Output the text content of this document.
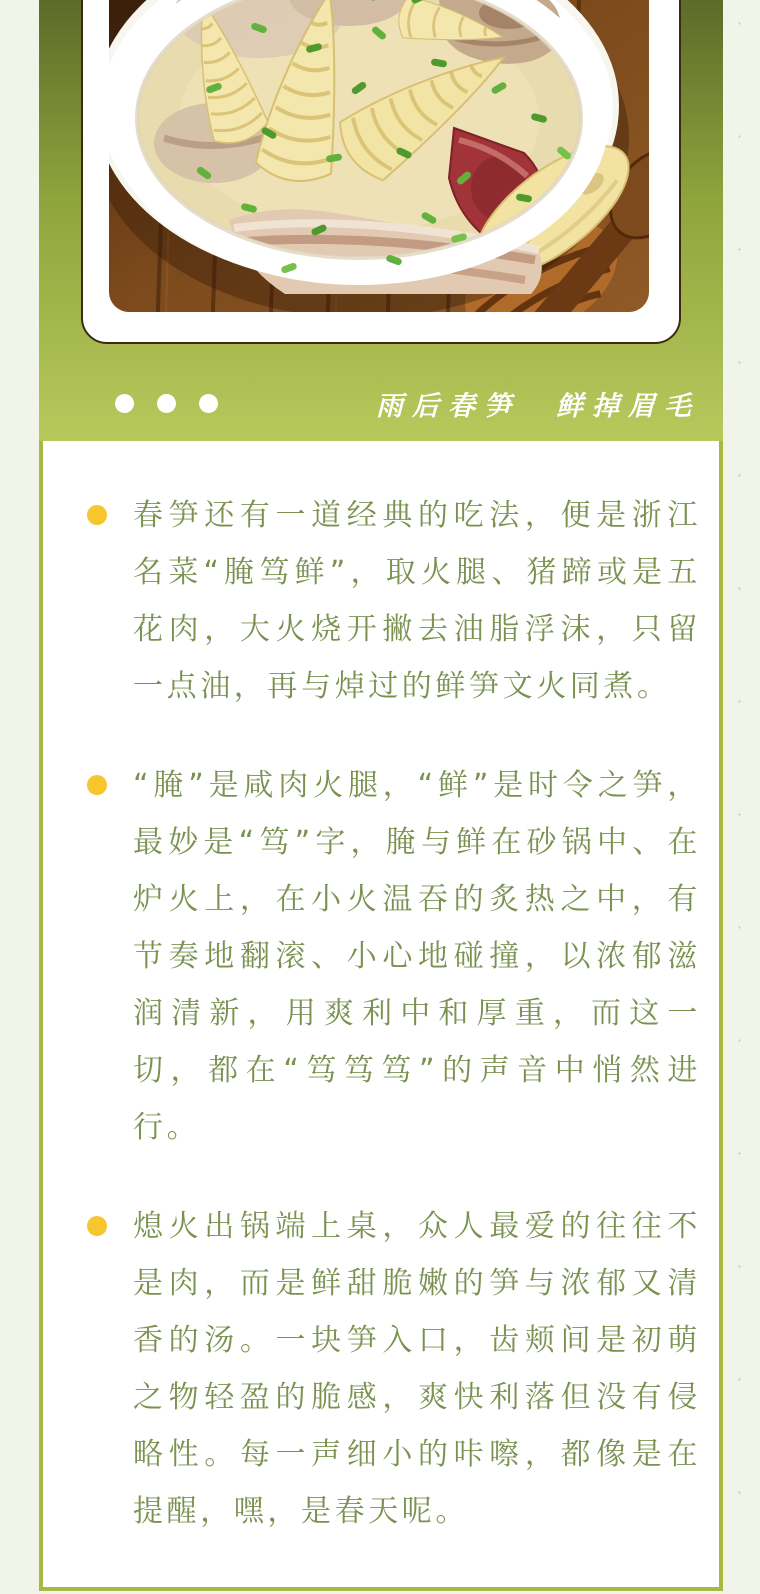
雨后春笋　鲜掉眉毛

春笋还有一道经典的吃法，便是浙江名菜“腌笃鲜”，取火腿、猪蹄或是五花肉，大火烧开撇去油脂浮沫，只留一点油，再与焯过的鲜笋文火同煮。

“腌”是咸肉火腿，“鲜”是时令之笋，最妙是“笃”字，腌与鲜在砂锅中、在炉火上，在小火温吞的炙热之中，有节奏地翻滚、小心地碰撞，以浓郁滋润清新，用爽利中和厚重，而这一切，都在“笃笃笃”的声音中悄然进行。

熄火出锅端上桌，众人最爱的往往不是肉，而是鲜甜脆嫩的笋与浓郁又清香的汤。一块笋入口，齿颊间是初萌之物轻盈的脆感，爽快利落但没有侵略性。每一声细小的咔嚓，都像是在提醒，嘿，是春天呢。
